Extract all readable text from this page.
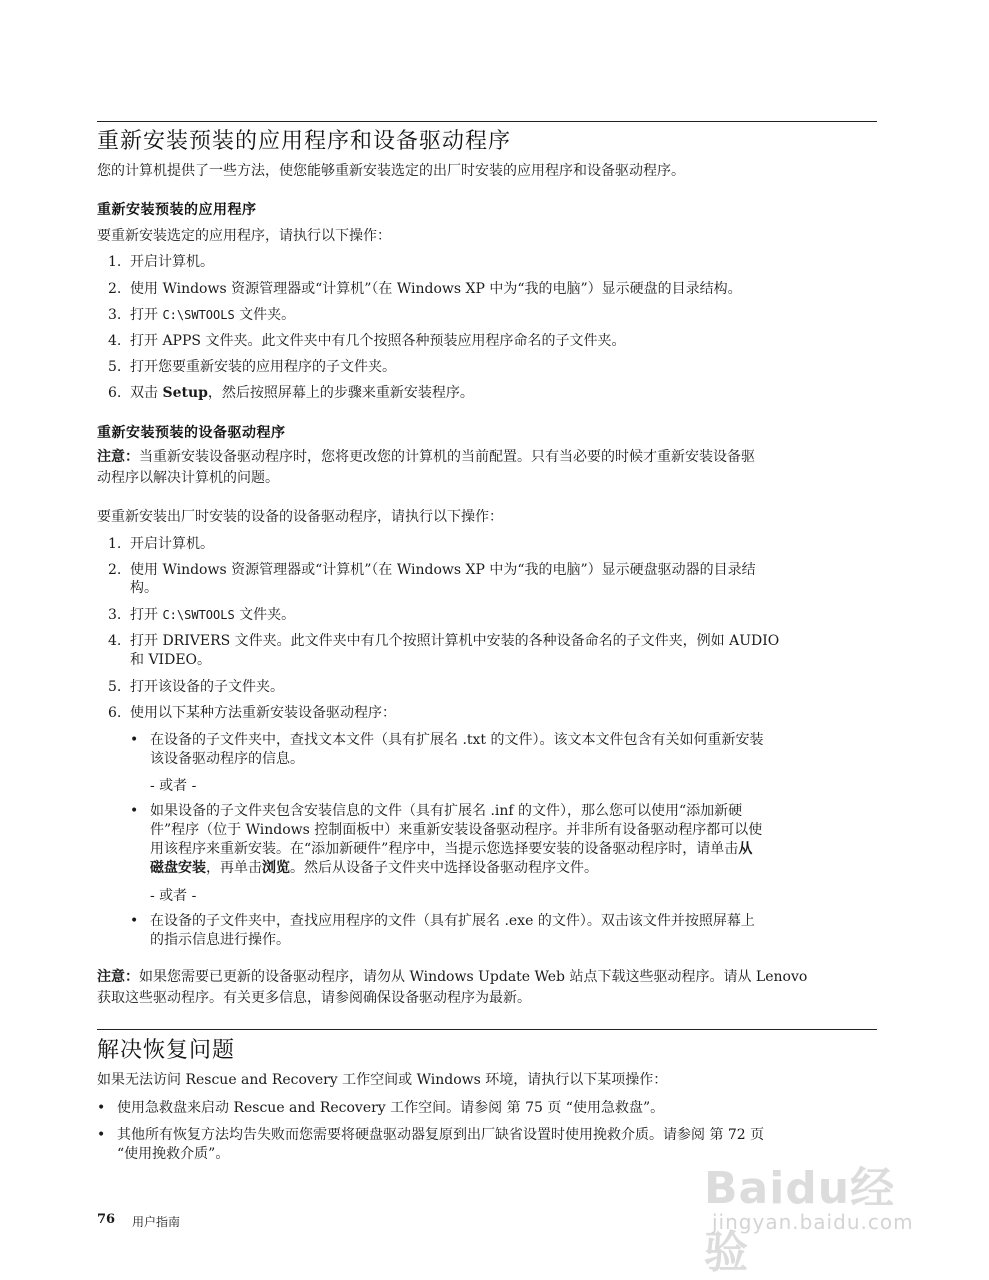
重新安装预装的应用程序和设备驱动程序
您的计算机提供了一些方法，使您能够重新安装选定的出厂时安装的应用程序和设备驱动程序。
重新安装预装的应用程序
要重新安装选定的应用程序，请执行以下操作：
1. 开启计算机。
2. 使用 Windows 资源管理器或“计算机”（在 Windows XP 中为“我的电脑”）显示硬盘的目录结构。
3. 打开 C:\SWTOOLS 文件夹。
4. 打开 APPS 文件夹。此文件夹中有几个按照各种预装应用程序命名的子文件夹。
5. 打开您要重新安装的应用程序的子文件夹。
6. 双击 Setup，然后按照屏幕上的步骤来重新安装程序。
重新安装预装的设备驱动程序
注意：当重新安装设备驱动程序时，您将更改您的计算机的当前配置。只有当必要的时候才重新安装设备驱
动程序以解决计算机的问题。
要重新安装出厂时安装的设备的设备驱动程序，请执行以下操作：
1. 开启计算机。
2. 使用 Windows 资源管理器或“计算机”（在 Windows XP 中为“我的电脑”）显示硬盘驱动器的目录结
构。
3. 打开 C:\SWTOOLS 文件夹。
4. 打开 DRIVERS 文件夹。此文件夹中有几个按照计算机中安装的各种设备命名的子文件夹，例如 AUDIO
和 VIDEO。
5. 打开该设备的子文件夹。
6. 使用以下某种方法重新安装设备驱动程序：
• 在设备的子文件夹中，查找文本文件（具有扩展名 .txt 的文件）。该文本文件包含有关如何重新安装
该设备驱动程序的信息。
- 或者 -
• 如果设备的子文件夹包含安装信息的文件（具有扩展名 .inf 的文件），那么您可以使用“添加新硬
件”程序（位于 Windows 控制面板中）来重新安装设备驱动程序。并非所有设备驱动程序都可以使
用该程序来重新安装。在“添加新硬件”程序中，当提示您选择要安装的设备驱动程序时，请单击从
磁盘安装，再单击浏览。然后从设备子文件夹中选择设备驱动程序文件。
- 或者 -
• 在设备的子文件夹中，查找应用程序的文件（具有扩展名 .exe 的文件）。双击该文件并按照屏幕上
的指示信息进行操作。
注意：如果您需要已更新的设备驱动程序，请勿从 Windows Update Web 站点下载这些驱动程序。请从 Lenovo
获取这些驱动程序。有关更多信息，请参阅确保设备驱动程序为最新。
解决恢复问题
如果无法访问 Rescue and Recovery 工作空间或 Windows 环境，请执行以下某项操作：
• 使用急救盘来启动 Rescue and Recovery 工作空间。请参阅 第 75 页 “使用急救盘”。
• 其他所有恢复方法均告失败而您需要将硬盘驱动器复原到出厂缺省设置时使用挽救介质。请参阅 第 72 页
“使用挽救介质”。
76 用户指南
Baidu经验
jingyan.baidu.com
